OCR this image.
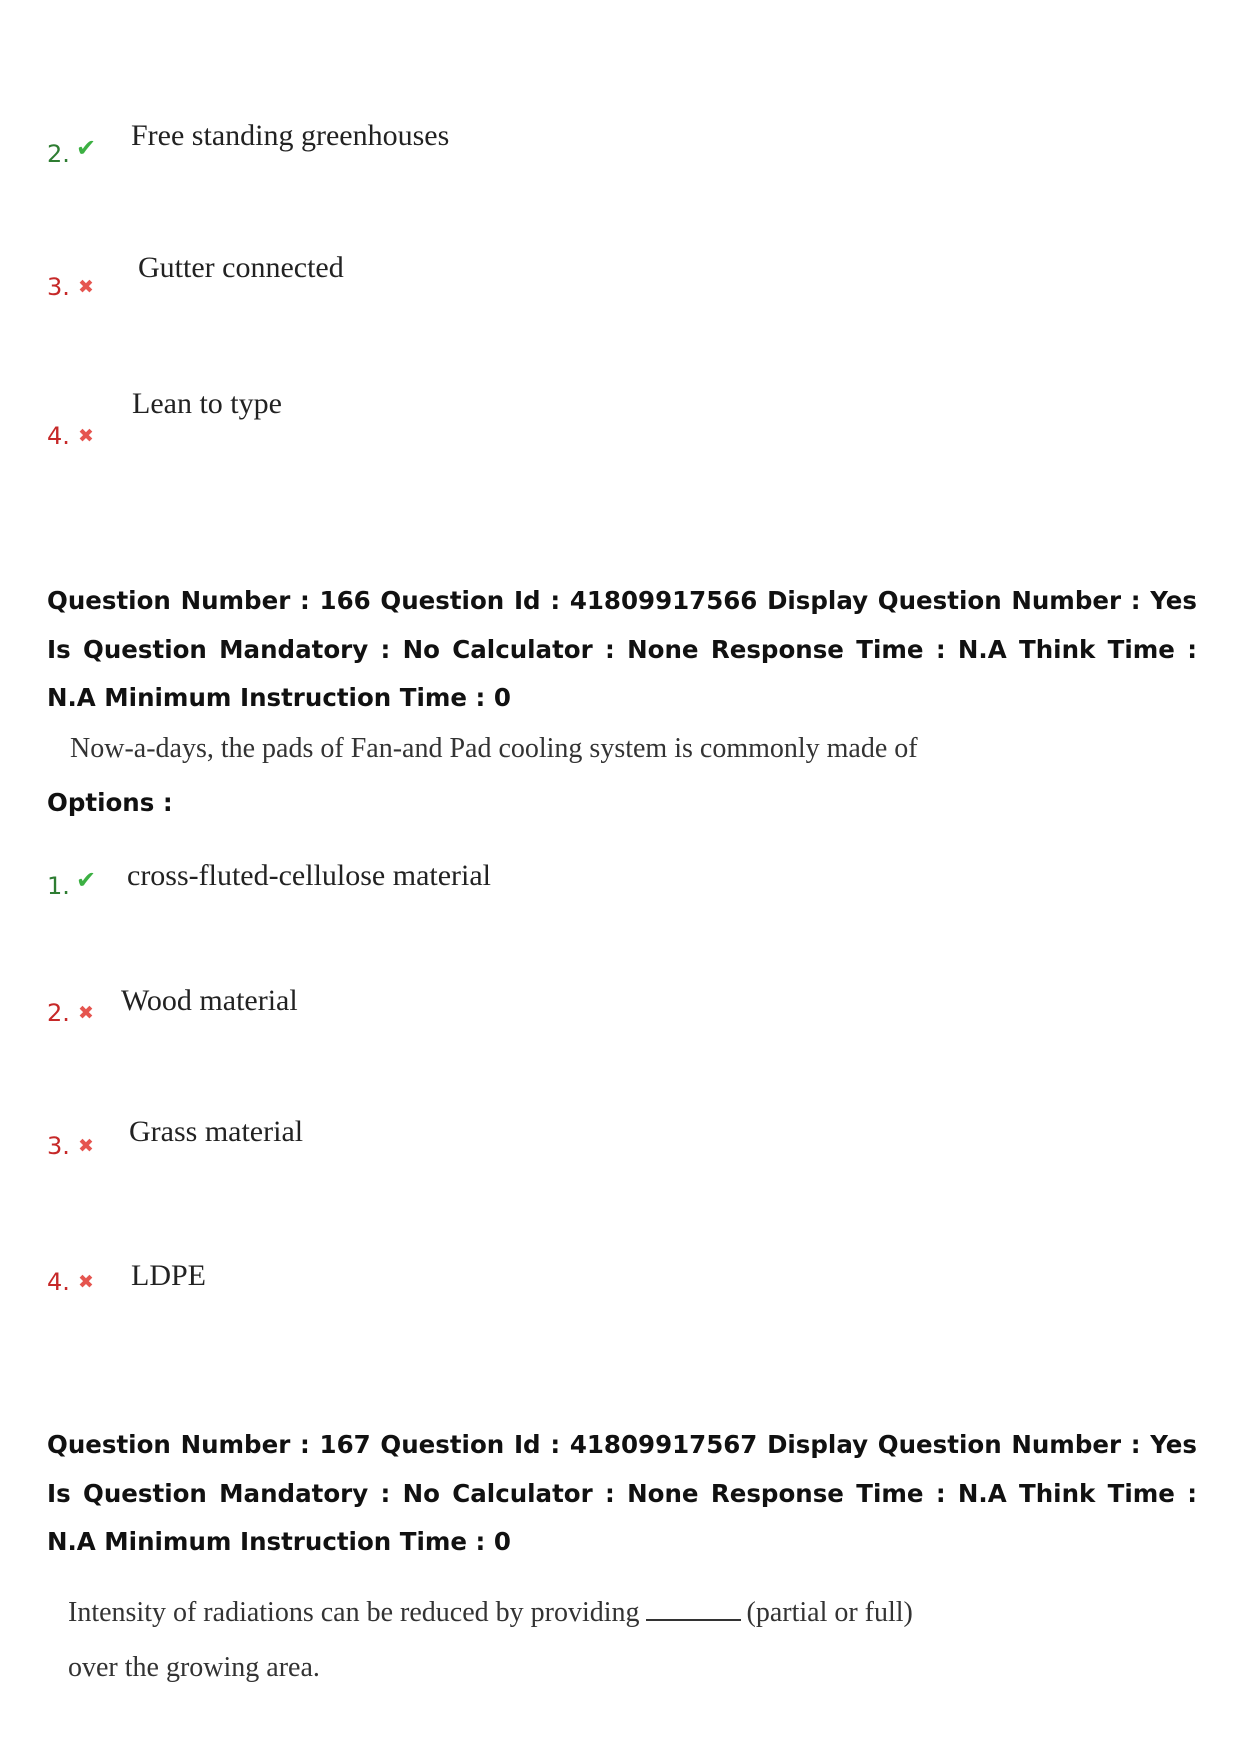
2. ✔ Free standing greenhouses
3. ✖
Gutter connected
4. ✖
Lean to type
Question Number : 166 Question Id : 41809917566 Display Question Number : Yes Is Question Mandatory : No Calculator : None Response Time : N.A Think Time : N.A Minimum Instruction Time : 0
Now-a-days, the pads of Fan-and Pad cooling system is commonly made of
Options :
1. ✔ cross-fluted-cellulose material
2. ✖ Wood material
3. ✖ Grass material
4. ✖ LDPE
Question Number : 167 Question Id : 41809917567 Display Question Number : Yes Is Question Mandatory : No Calculator : None Response Time : N.A Think Time : N.A Minimum Instruction Time : 0
Intensity of radiations can be reduced by providing	(partial or full)
over the growing area.
